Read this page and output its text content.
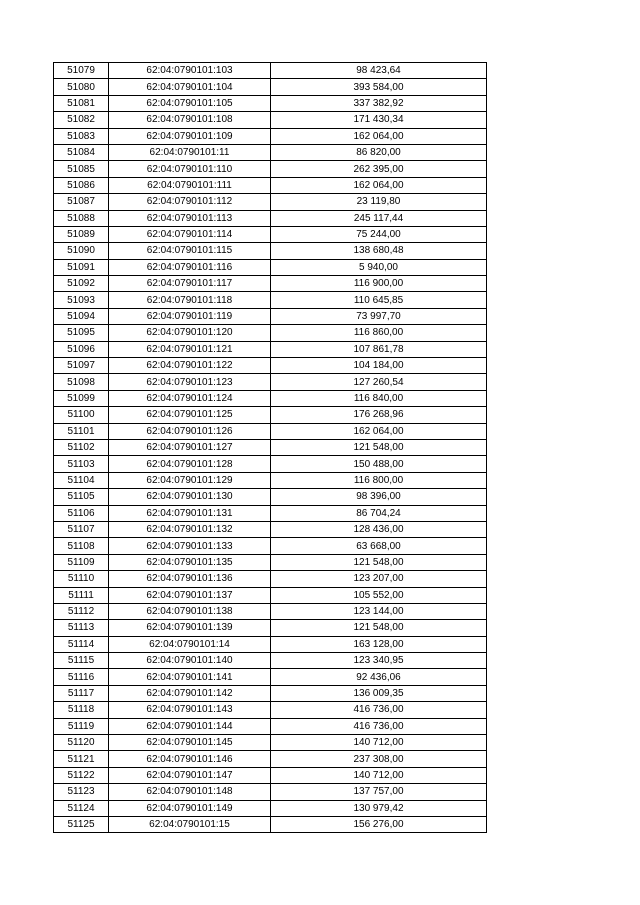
51079	62:04:0790101:103	98 423,64
51080	62:04:0790101:104	393 584,00
51081	62:04:0790101:105	337 382,92
51082	62:04:0790101:108	171 430,34
51083	62:04:0790101:109	162 064,00
51084	62:04:0790101:11	86 820,00
51085	62:04:0790101:110	262 395,00
51086	62:04:0790101:111	162 064,00
51087	62:04:0790101:112	23 119,80
51088	62:04:0790101:113	245 117,44
51089	62:04:0790101:114	75 244,00
51090	62:04:0790101:115	138 680,48
51091	62:04:0790101:116	5 940,00
51092	62:04:0790101:117	116 900,00
51093	62:04:0790101:118	110 645,85
51094	62:04:0790101:119	73 997,70
51095	62:04:0790101:120	116 860,00
51096	62:04:0790101:121	107 861,78
51097	62:04:0790101:122	104 184,00
51098	62:04:0790101:123	127 260,54
51099	62:04:0790101:124	116 840,00
51100	62:04:0790101:125	176 268,96
51101	62:04:0790101:126	162 064,00
51102	62:04:0790101:127	121 548,00
51103	62:04:0790101:128	150 488,00
51104	62:04:0790101:129	116 800,00
51105	62:04:0790101:130	98 396,00
51106	62:04:0790101:131	86 704,24
51107	62:04:0790101:132	128 436,00
51108	62:04:0790101:133	63 668,00
51109	62:04:0790101:135	121 548,00
51110	62:04:0790101:136	123 207,00
51111	62:04:0790101:137	105 552,00
51112	62:04:0790101:138	123 144,00
51113	62:04:0790101:139	121 548,00
51114	62:04:0790101:14	163 128,00
51115	62:04:0790101:140	123 340,95
51116	62:04:0790101:141	92 436,06
51117	62:04:0790101:142	136 009,35
51118	62:04:0790101:143	416 736,00
51119	62:04:0790101:144	416 736,00
51120	62:04:0790101:145	140 712,00
51121	62:04:0790101:146	237 308,00
51122	62:04:0790101:147	140 712,00
51123	62:04:0790101:148	137 757,00
51124	62:04:0790101:149	130 979,42
51125	62:04:0790101:15	156 276,00
